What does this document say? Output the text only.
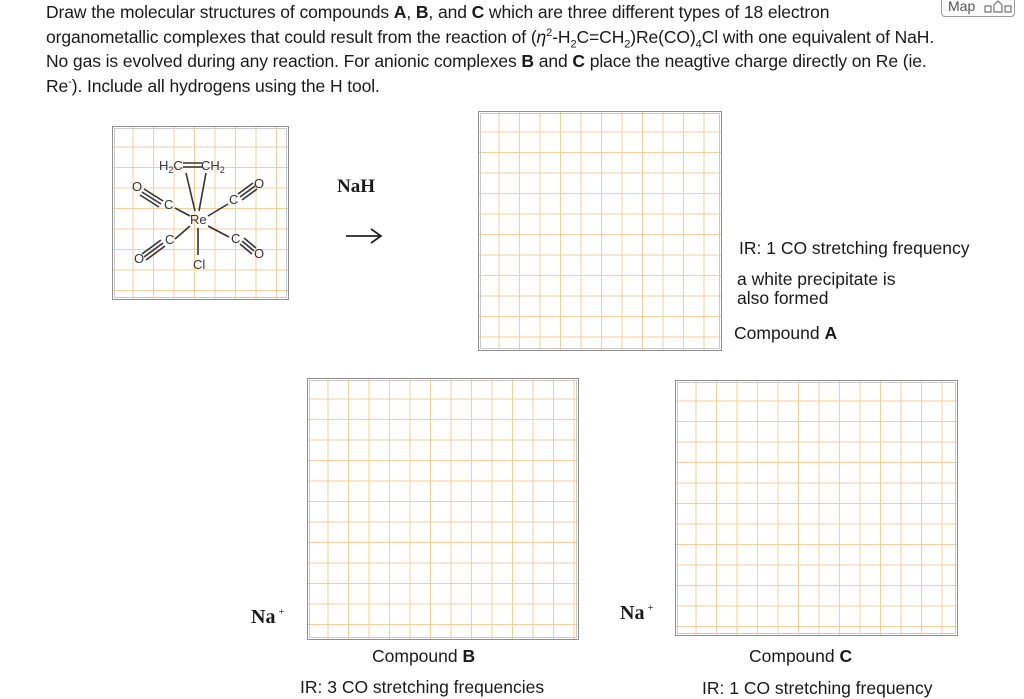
Draw the molecular structures of compounds A, B, and C which are three different types of 18 electron organometallic complexes that could result from the reaction of $(\eta^2-H_2C=CH_2)Re(CO)_4Cl$ with one equivalent of NaH. No gas is evolved during any reaction. For anionic complexes B and C place the neagtive charge directly on Re (ie. Re-). Include all hydrogens using the H tool.
Map
$H_2C$ $CH_2$
Re
Cl
C
O
C
O
C
O
C
O
NaH
IR: 1 CO stretching frequency
a white precipitate is
also formed
Compound A
Na +
Compound B
IR: 3 CO stretching frequencies
Na +
Compound C
IR: 1 CO stretching frequency
